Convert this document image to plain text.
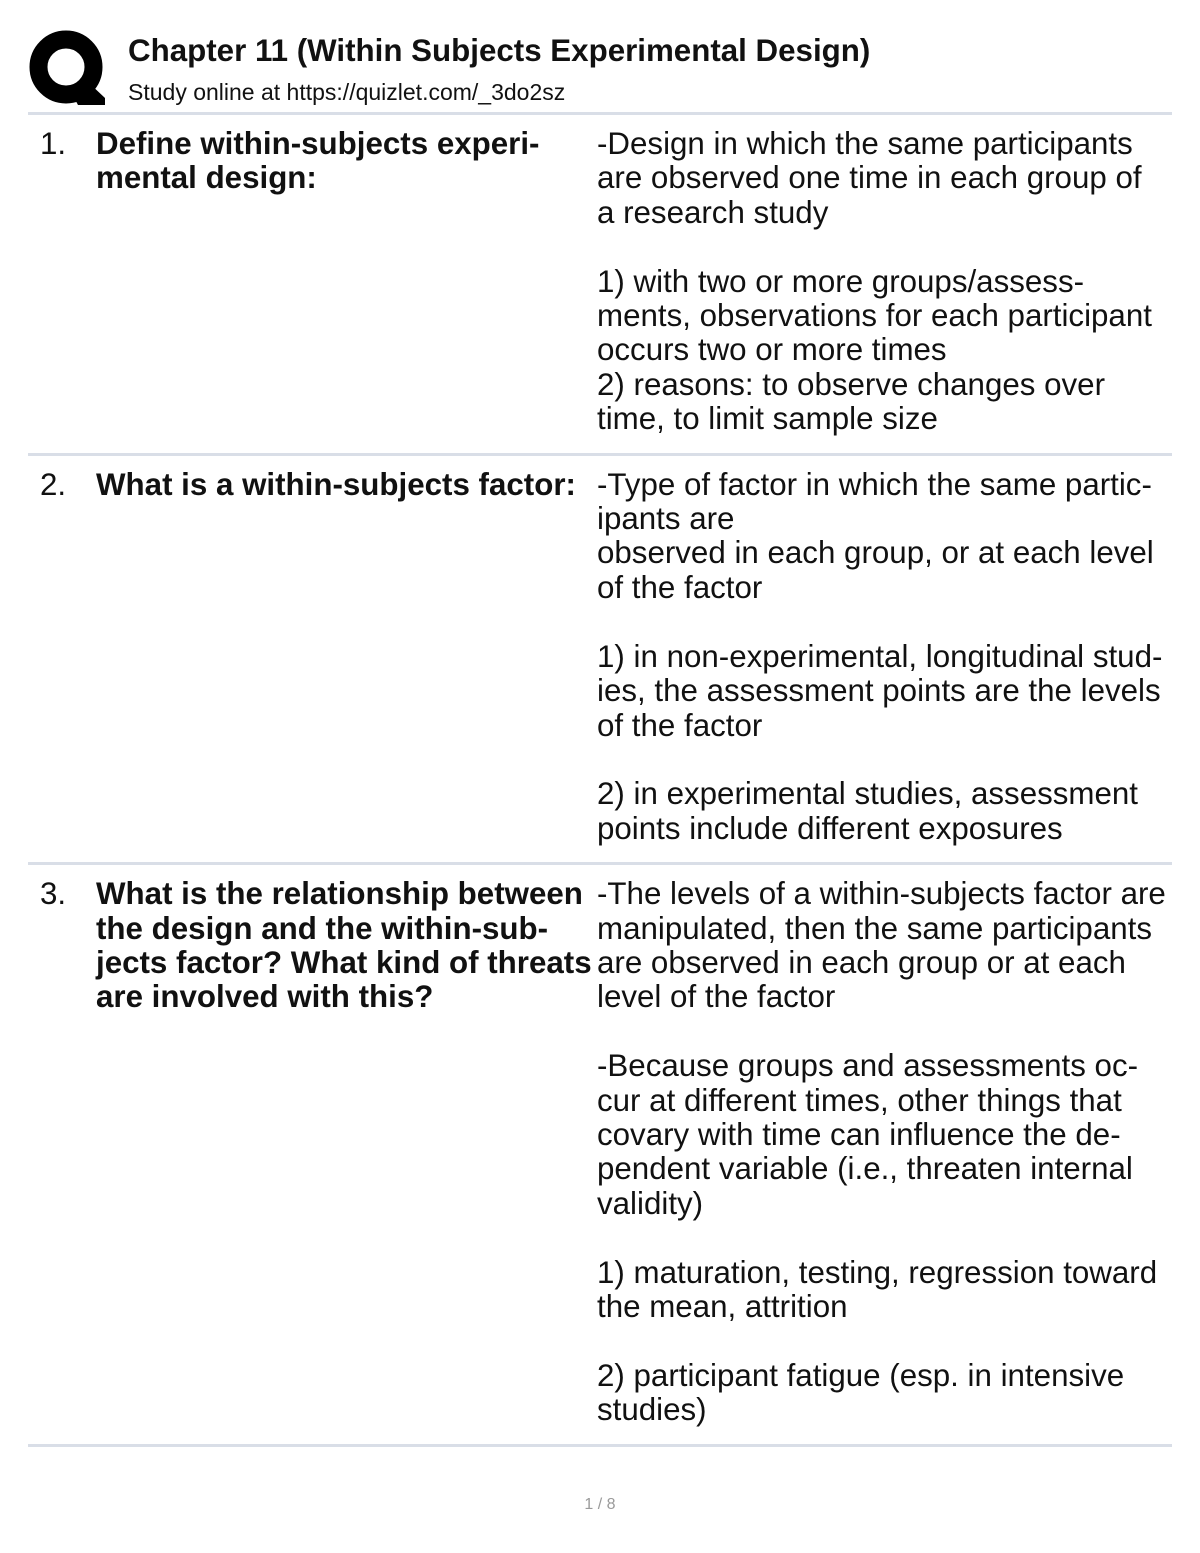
Chapter 11 (Within Subjects Experimental Design)
Study online at https://quizlet.com/_3do2sz
1. Define within-subjects experi-
mental design:
-Design in which the same participants
are observed one time in each group of
a research study

1) with two or more groups/assess-
ments, observations for each participant
occurs two or more times
2) reasons: to observe changes over
time, to limit sample size
2. What is a within-subjects factor: -Type of factor in which the same partic-
ipants are
observed in each group, or at each level
of the factor

1) in non-experimental, longitudinal stud-
ies, the assessment points are the levels
of the factor

2) in experimental studies, assessment
points include different exposures
3. What is the relationship between
the design and the within-sub-
jects factor? What kind of threats
are involved with this?
-The levels of a within-subjects factor are
manipulated, then the same participants
are observed in each group or at each
level of the factor

-Because groups and assessments oc-
cur at different times, other things that
covary with time can influence the de-
pendent variable (i.e., threaten internal
validity)

1) maturation, testing, regression toward
the mean, attrition

2) participant fatigue (esp. in intensive
studies)
1 / 8
